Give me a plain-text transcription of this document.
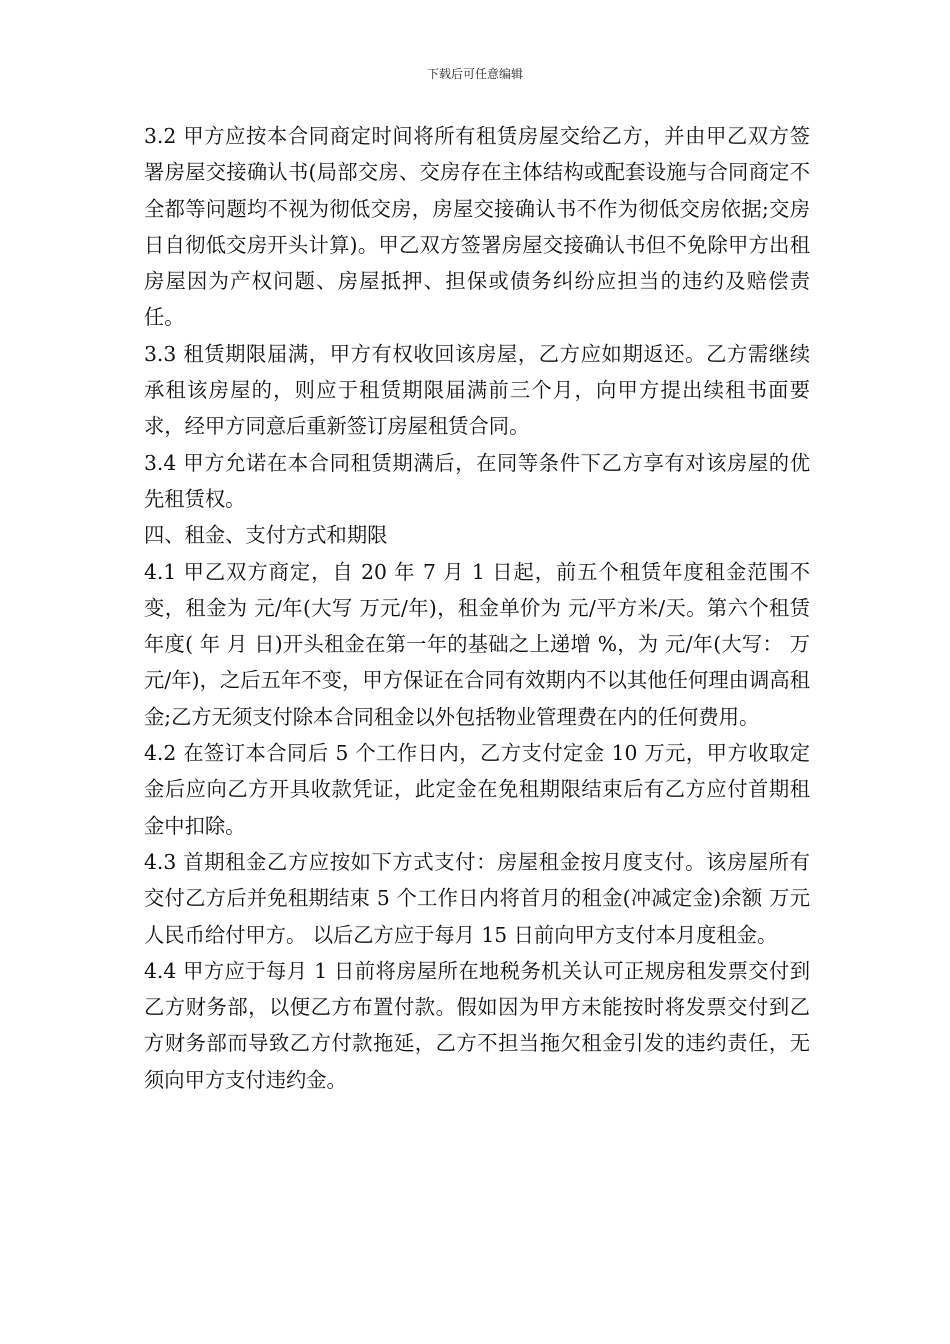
下载后可任意编辑

3.2 甲方应按本合同商定时间将所有租赁房屋交给乙方，并由甲乙双方签署房屋交接确认书(局部交房、交房存在主体结构或配套设施与合同商定不全都等问题均不视为彻低交房，房屋交接确认书不作为彻低交房依据;交房日自彻低交房开头计算)。甲乙双方签署房屋交接确认书但不免除甲方出租房屋因为产权问题、房屋抵押、担保或债务纠纷应担当的违约及赔偿责任。

3.3 租赁期限届满，甲方有权收回该房屋，乙方应如期返还。乙方需继续承租该房屋的，则应于租赁期限届满前三个月，向甲方提出续租书面要求，经甲方同意后重新签订房屋租赁合同。

3.4 甲方允诺在本合同租赁期满后，在同等条件下乙方享有对该房屋的优先租赁权。

四、租金、支付方式和期限

4.1 甲乙双方商定，自 20 年 7 月 1 日起，前五个租赁年度租金范围不变，租金为 元/年(大写 万元/年)，租金单价为 元/平方米/天。第六个租赁年度( 年 月 日)开头租金在第一年的基础之上递增 %，为 元/年(大写： 万元/年)，之后五年不变，甲方保证在合同有效期内不以其他任何理由调高租金;乙方无须支付除本合同租金以外包括物业管理费在内的任何费用。

4.2 在签订本合同后 5 个工作日内，乙方支付定金 10 万元，甲方收取定金后应向乙方开具收款凭证，此定金在免租期限结束后有乙方应付首期租金中扣除。

4.3 首期租金乙方应按如下方式支付：房屋租金按月度支付。该房屋所有交付乙方后并免租期结束 5 个工作日内将首月的租金(冲减定金)余额 万元人民币给付甲方。 以后乙方应于每月 15 日前向甲方支付本月度租金。

4.4 甲方应于每月 1 日前将房屋所在地税务机关认可正规房租发票交付到乙方财务部，以便乙方布置付款。假如因为甲方未能按时将发票交付到乙方财务部而导致乙方付款拖延，乙方不担当拖欠租金引发的违约责任，无须向甲方支付违约金。
